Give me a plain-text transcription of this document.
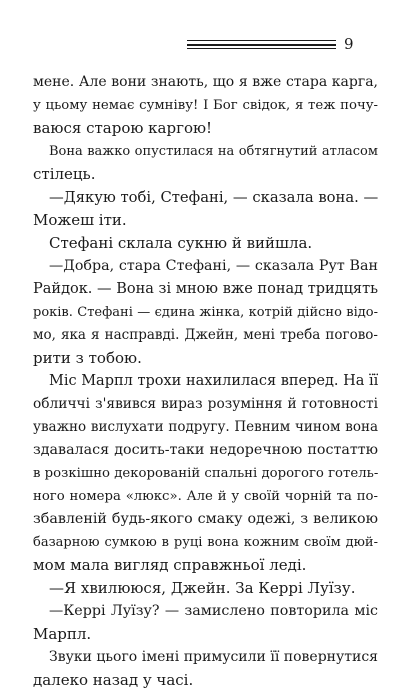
9
мене. Але вони знають, що я вже стара карга,
у цьому немає сумніву! І Бог свідок, я теж почу-
ваюся старою каргою!
Вона важко опустилася на обтягнутий атласом
стілець.
—Дякую тобі, Стефані, — сказала вона. —
Можеш іти.
Стефані склала сукню й вийшла.
—Добра, стара Стефані, — сказала Рут Ван
Райдок. — Вона зі мною вже понад тридцять
років. Стефані — єдина жінка, котрій дійсно відо-
мо, яка я насправді. Джейн, мені треба погово-
рити з тобою.
Міс Марпл трохи нахилилася вперед. На її
обличчі з'явився вираз розуміння й готовності
уважно вислухати подругу. Певним чином вона
здавалася досить-таки недоречною постаттю
в розкішно декорованій спальні дорогого готель-
ного номера «люкс». Але й у своїй чорній та по-
збавленій будь-якого смаку одежі, з великою
базарною сумкою в руці вона кожним своїм дюй-
мом мала вигляд справжньої леді.
—Я хвилююся, Джейн. За Керрі Луїзу.
—Керрі Луїзу? — замислено повторила міс
Марпл.
Звуки цього імені примусили її повернутися
далеко назад у часі.
